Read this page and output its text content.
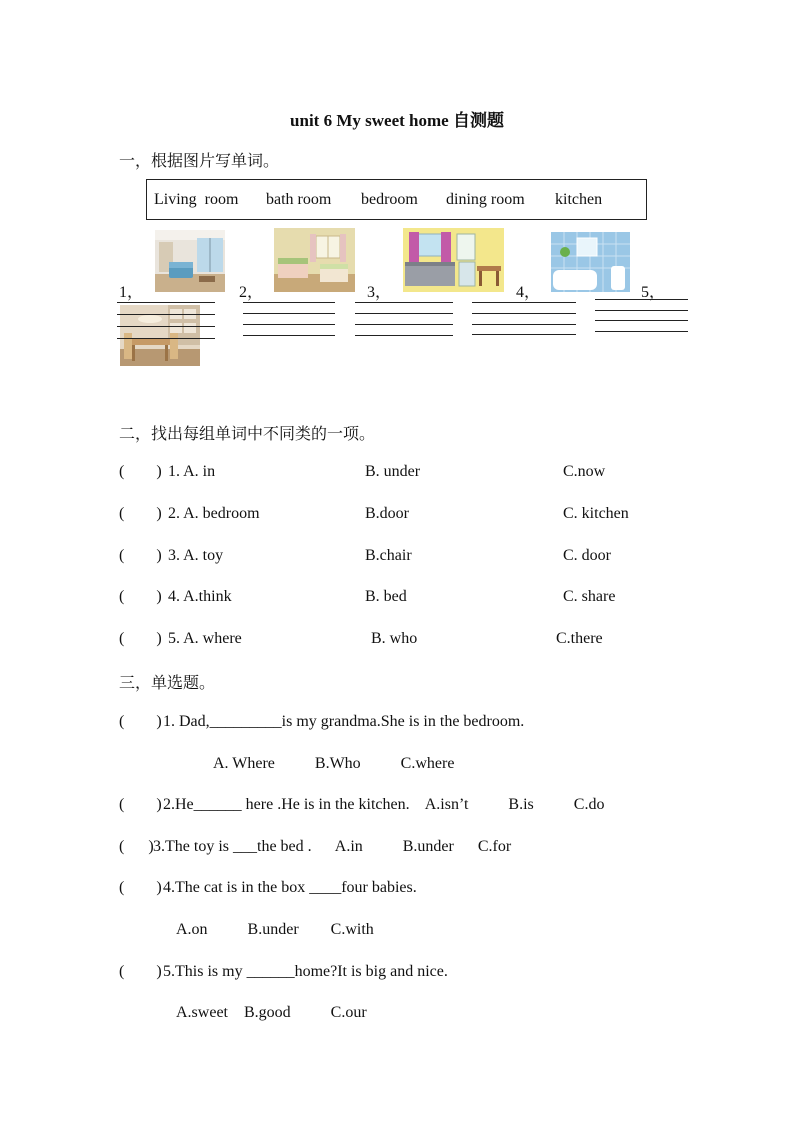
unit 6 My sweet home 自测题
一，根据图片写单词。
Living  room bath room bedroom dining room kitchen
1，	2，	3，	4，	5，
二，找出每组单词中不同类的一项。
(        ) 1. A. in	B. under	C.now
(        ) 2. A. bedroom	B.door	C. kitchen
(        ) 3. A. toy	B.chair	C. door
(        ) 4. A.think	B. bed	C. share
(        ) 5. A. where	B. who	C.there
三，单选题。
(        ) 1. Dad,_________is my grandma.She is in the bedroom.
A. Where          B.Who          C.where
(        ) 2.He______ here .He is in the kitchen.    A.isn’t          B.is          C.do
(      ) 3.The toy is ___the bed .      A.in          B.under      C.for
(        ) 4.The cat is in the box ____four babies.
A.on          B.under        C.with
(        ) 5.This is my ______home?It is big and nice.
A.sweet    B.good          C.our
